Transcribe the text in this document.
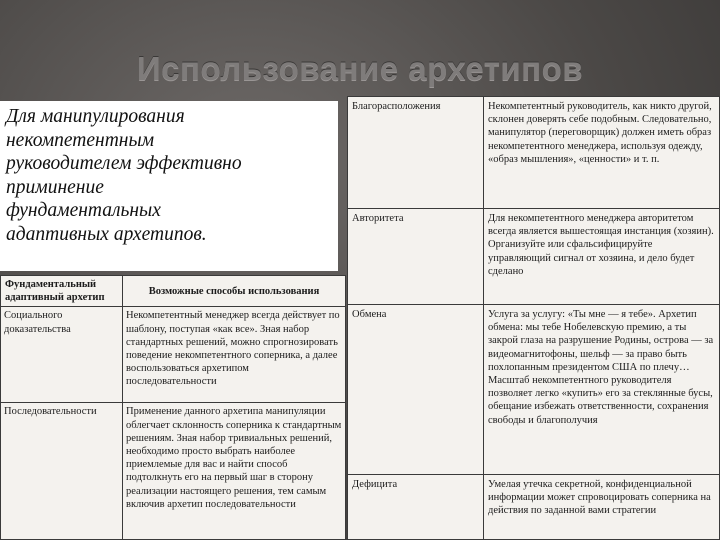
Использование архетипов
Для манипулирования
некомпетентным
руководителем эффективно
приминение
фундаментальных
адаптивных архетипов.
Фундаментальный адаптивный архетип	Возможные способы использования
Социального доказательства	Некомпетентный менеджер всегда действует по шаблону, поступая «как все». Зная набор стандартных решений, можно спрогнозировать поведение некомпетентного соперника, а далее воспользоваться архетипом последовательности
Последовательности	Применение данного архетипа манипуляции облегчает склонность соперника к стандартным решениям. Зная набор тривиальных решений, необходимо просто выбрать наиболее приемлемые для вас и найти способ подтолкнуть его на первый шаг в сторону реализации настоящего решения, тем самым включив архетип последовательности
Благорасположения	Некомпетентный руководитель, как никто другой, склонен доверять себе подобным. Следовательно, манипулятор (переговорщик) должен иметь образ некомпетентного менеджера, используя одежду, «образ мышления», «ценности» и т. п.
Авторитета	Для некомпетентного менеджера авторитетом всегда является вышестоящая инстанция (хозяин). Организуйте или сфальсифицируйте управляющий сигнал от хозяина, и дело будет сделано
Обмена	Услуга за услугу: «Ты мне — я тебе». Архетип обмена: мы тебе Нобелевскую премию, а ты закрой глаза на разрушение Родины, острова — за видеомагнитофоны, шельф — за право быть похлопанным президентом США по плечу… Масштаб некомпетентного руководителя позволяет легко «купить» его за стеклянные бусы, обещание избежать ответственности, сохранения свободы и благополучия
Дефицита	Умелая утечка секретной, конфиденциальной информации может спровоцировать соперника на действия по заданной вами стратегии
